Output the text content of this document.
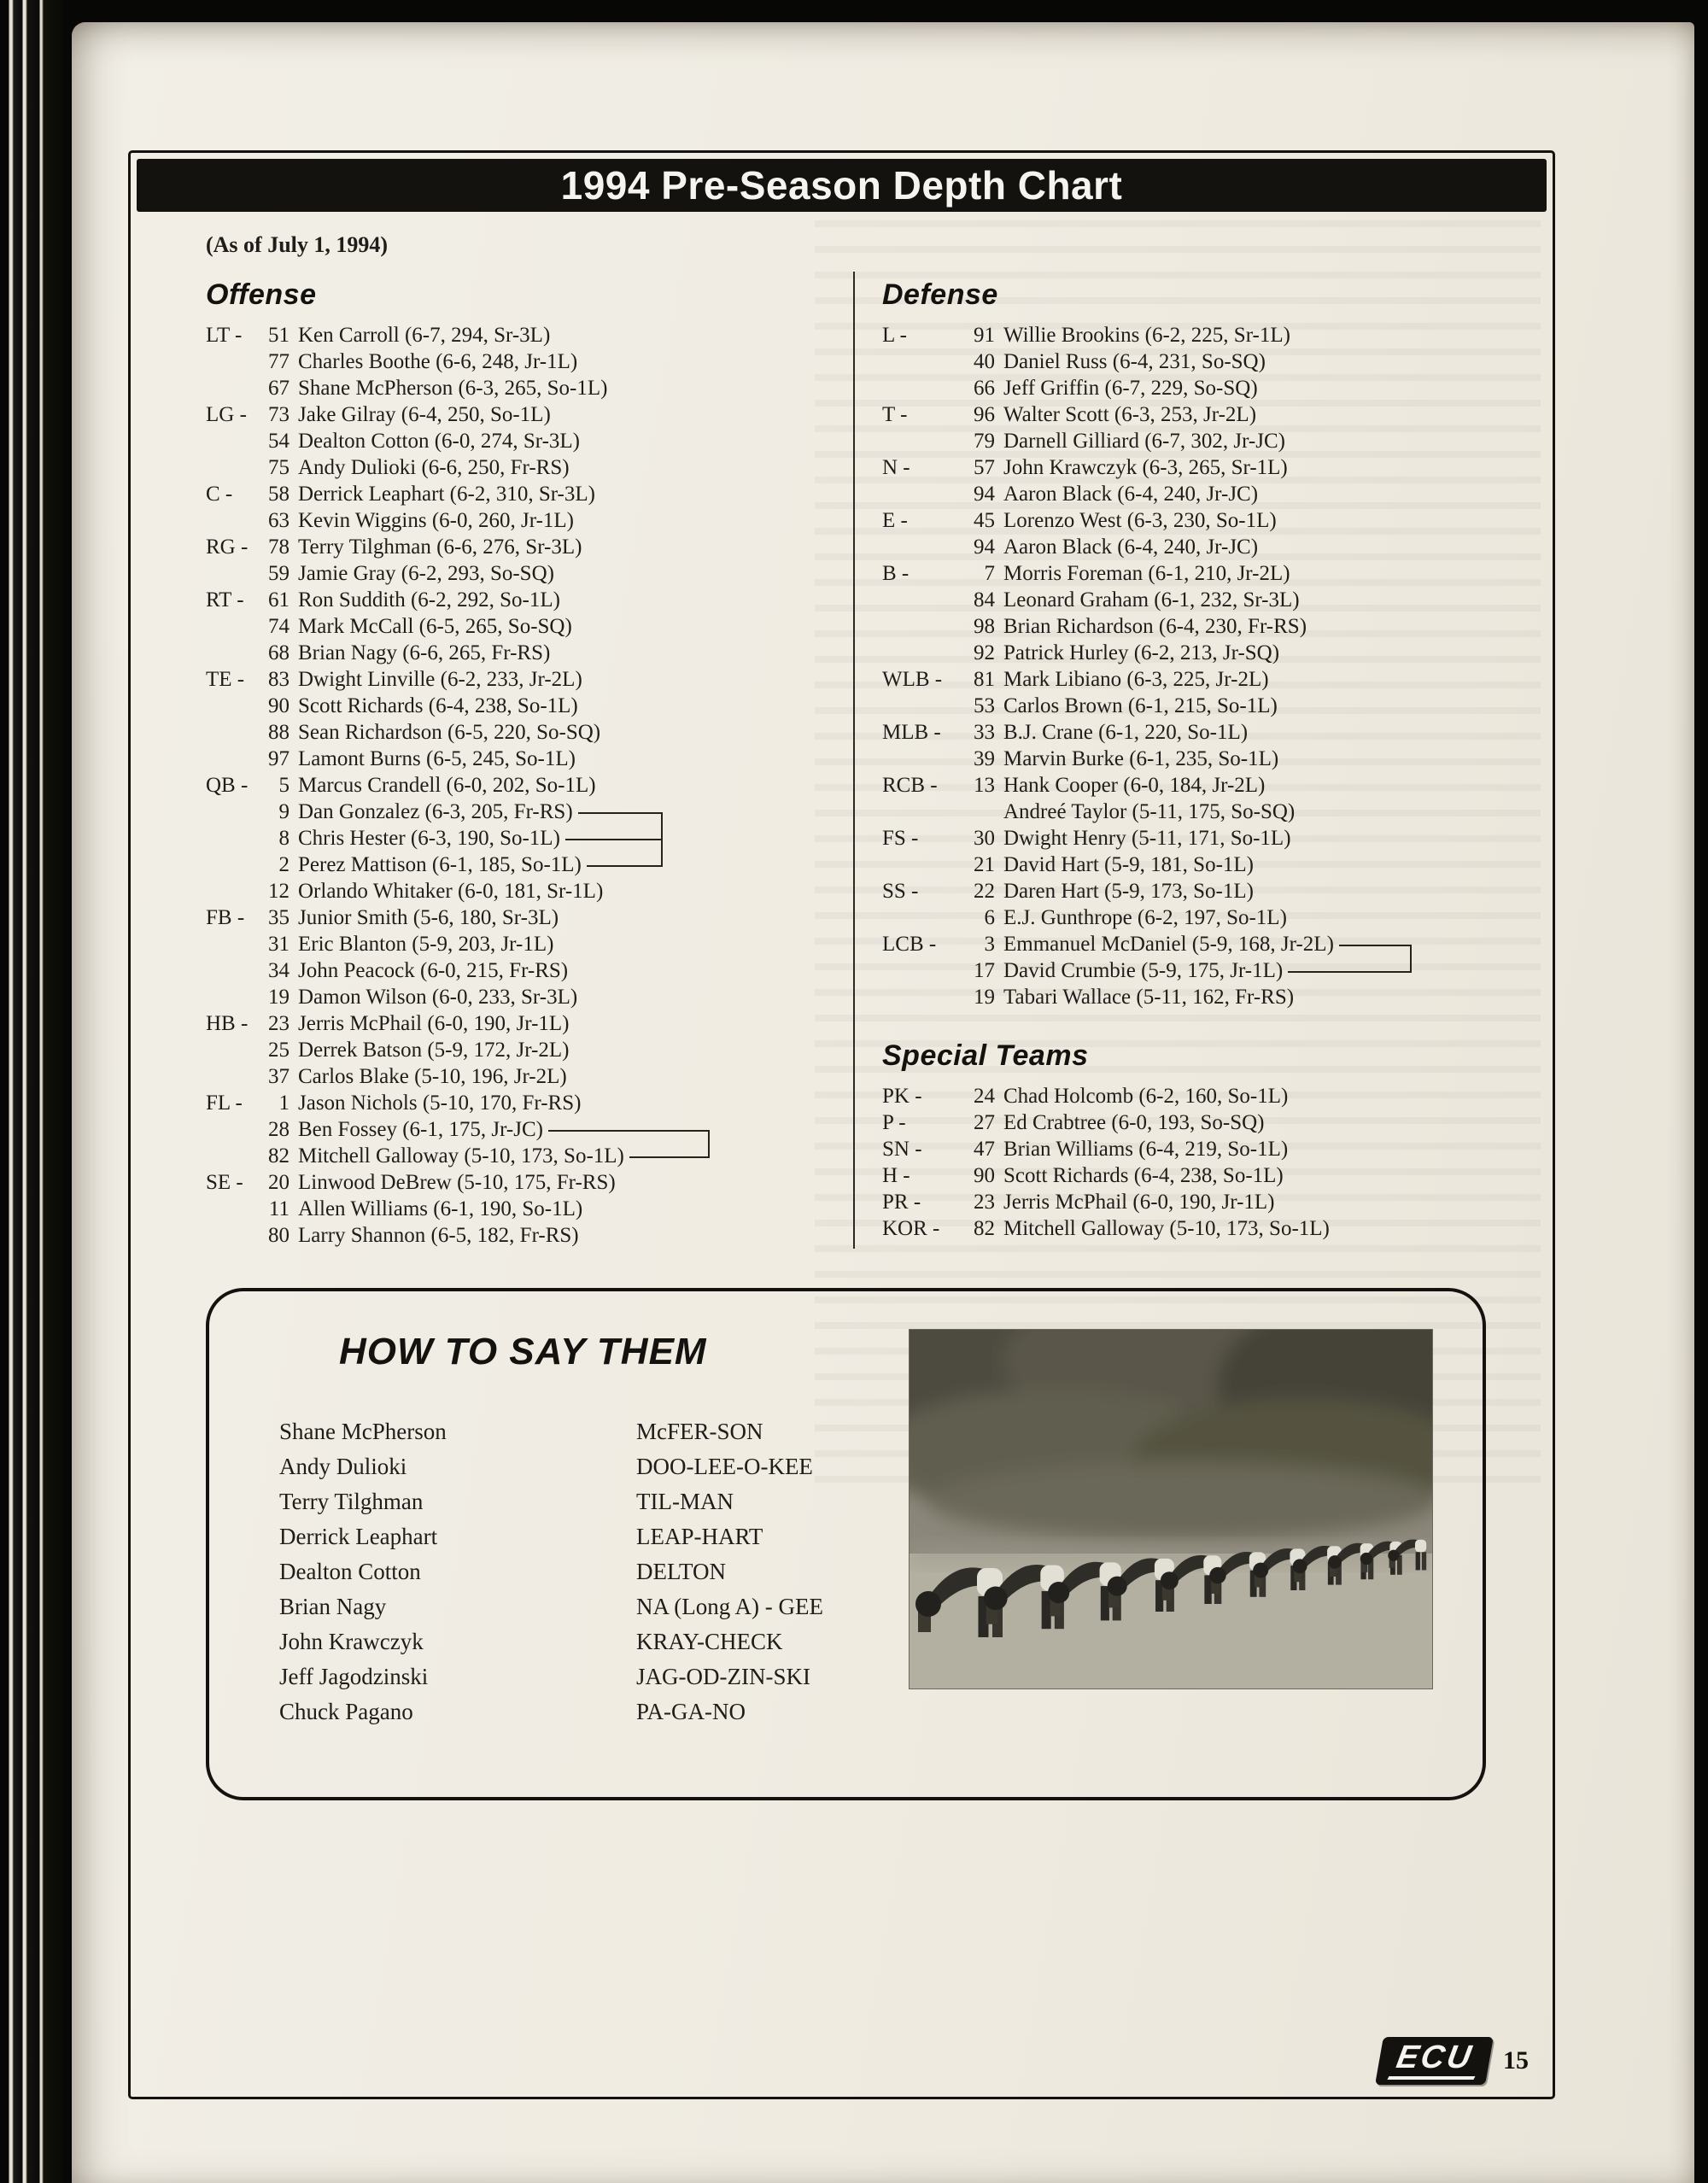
1994 Pre-Season Depth Chart
(As of July 1, 1994)
Offense
LT -	51 Ken Carroll (6-7, 294, Sr-3L)
77 Charles Boothe (6-6, 248, Jr-1L)
67 Shane McPherson (6-3, 265, So-1L)
LG -	73 Jake Gilray (6-4, 250, So-1L)
54 Dealton Cotton (6-0, 274, Sr-3L)
75 Andy Dulioki (6-6, 250, Fr-RS)
C -	58 Derrick Leaphart (6-2, 310, Sr-3L)
63 Kevin Wiggins (6-0, 260, Jr-1L)
RG - 78 Terry Tilghman (6-6, 276, Sr-3L)
59 Jamie Gray (6-2, 293, So-SQ)
RT -	61 Ron Suddith (6-2, 292, So-1L)
74 Mark McCall (6-5, 265, So-SQ)
68 Brian Nagy (6-6, 265, Fr-RS)
TE -	83 Dwight Linville (6-2, 233, Jr-2L)
90 Scott Richards (6-4, 238, So-1L)
88 Sean Richardson (6-5, 220, So-SQ)
97 Lamont Burns (6-5, 245, So-1L)
QB -	5 Marcus Crandell (6-0, 202, So-1L)
9 Dan Gonzalez (6-3, 205, Fr-RS)
8 Chris Hester (6-3, 190, So-1L)
2 Perez Mattison (6-1, 185, So-1L)
12 Orlando Whitaker (6-0, 181, Sr-1L)
FB -	35 Junior Smith (5-6, 180, Sr-3L)
31 Eric Blanton (5-9, 203, Jr-1L)
34 John Peacock (6-0, 215, Fr-RS)
19 Damon Wilson (6-0, 233, Sr-3L)
HB - 23 Jerris McPhail (6-0, 190, Jr-1L)
25 Derrek Batson (5-9, 172, Jr-2L)
37 Carlos Blake (5-10, 196, Jr-2L)
FL -	1 Jason Nichols (5-10, 170, Fr-RS)
28 Ben Fossey (6-1, 175, Jr-JC)
82 Mitchell Galloway (5-10, 173, So-1L)
SE -	20 Linwood DeBrew (5-10, 175, Fr-RS)
11 Allen Williams (6-1, 190, So-1L)
80 Larry Shannon (6-5, 182, Fr-RS)
Defense
L -	91 Willie Brookins (6-2, 225, Sr-1L)
40 Daniel Russ (6-4, 231, So-SQ)
66 Jeff Griffin (6-7, 229, So-SQ)
T -	96 Walter Scott (6-3, 253, Jr-2L)
79 Darnell Gilliard (6-7, 302, Jr-JC)
N -	57 John Krawczyk (6-3, 265, Sr-1L)
94 Aaron Black (6-4, 240, Jr-JC)
E -	45 Lorenzo West (6-3, 230, So-1L)
94 Aaron Black (6-4, 240, Jr-JC)
B -	7 Morris Foreman (6-1, 210, Jr-2L)
84 Leonard Graham (6-1, 232, Sr-3L)
98 Brian Richardson (6-4, 230, Fr-RS)
92 Patrick Hurley (6-2, 213, Jr-SQ)
WLB -	81 Mark Libiano (6-3, 225, Jr-2L)
53 Carlos Brown (6-1, 215, So-1L)
MLB -	33 B.J. Crane (6-1, 220, So-1L)
39 Marvin Burke (6-1, 235, So-1L)
RCB -	13 Hank Cooper (6-0, 184, Jr-2L)
Andreé Taylor (5-11, 175, So-SQ)
FS -	30 Dwight Henry (5-11, 171, So-1L)
21 David Hart (5-9, 181, So-1L)
SS -	22 Daren Hart (5-9, 173, So-1L)
6 E.J. Gunthrope (6-2, 197, So-1L)
LCB -	3 Emmanuel McDaniel (5-9, 168, Jr-2L)
17 David Crumbie (5-9, 175, Jr-1L)
19 Tabari Wallace (5-11, 162, Fr-RS)
Special Teams
PK -	24 Chad Holcomb (6-2, 160, So-1L)
P -	27 Ed Crabtree (6-0, 193, So-SQ)
SN -	47 Brian Williams (6-4, 219, So-1L)
H -	90 Scott Richards (6-4, 238, So-1L)
PR -	23 Jerris McPhail (6-0, 190, Jr-1L)
KOR -	82 Mitchell Galloway (5-10, 173, So-1L)
HOW TO SAY THEM
Shane McPherson	McFER-SON
Andy Dulioki	DOO-LEE-O-KEE
Terry Tilghman	TIL-MAN
Derrick Leaphart	LEAP-HART
Dealton Cotton	DELTON
Brian Nagy	NA (Long A) - GEE
John Krawczyk	KRAY-CHECK
Jeff Jagodzinski	JAG-OD-ZIN-SKI
Chuck Pagano	PA-GA-NO
ECU	15
